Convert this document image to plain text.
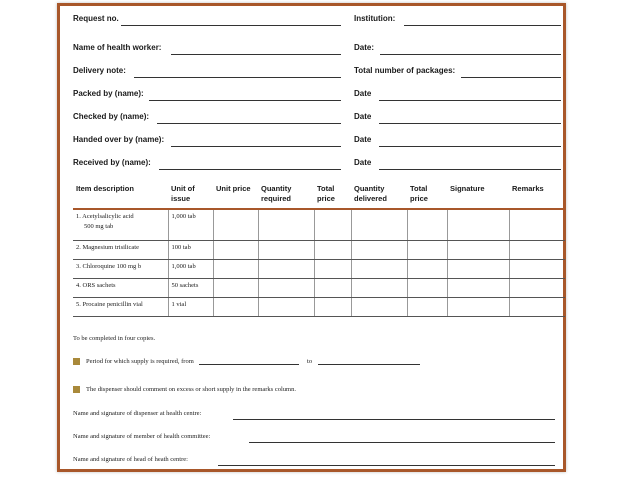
Request no.	Institution:
Name of health worker:	Date:
Delivery note:	Total number of packages:
Packed by (name):	Date
Checked by (name):	Date
Handed over by (name):	Date
Received by (name):	Date
Item description	Unit of issue	Unit price	Quantity required	Total price	Quantity delivered	Total price	Signature	Remarks
1. Acetylsalicylic acid
500 mg tab	1,000 tab							
2. Magnesium trisilicate	100 tab							
3. Chloroquine 100 mg b	1,000 tab							
4. ORS sachets	50 sachets							
5. Procaine penicillin vial	1 vial							
To be completed in four copies.
Period for which supply is required, from	to
The dispenser should comment on excess or short supply in the remarks column.
Name and signature of dispenser at health centre:
Name and signature of member of health committee:
Name and signature of head of heath centre:
